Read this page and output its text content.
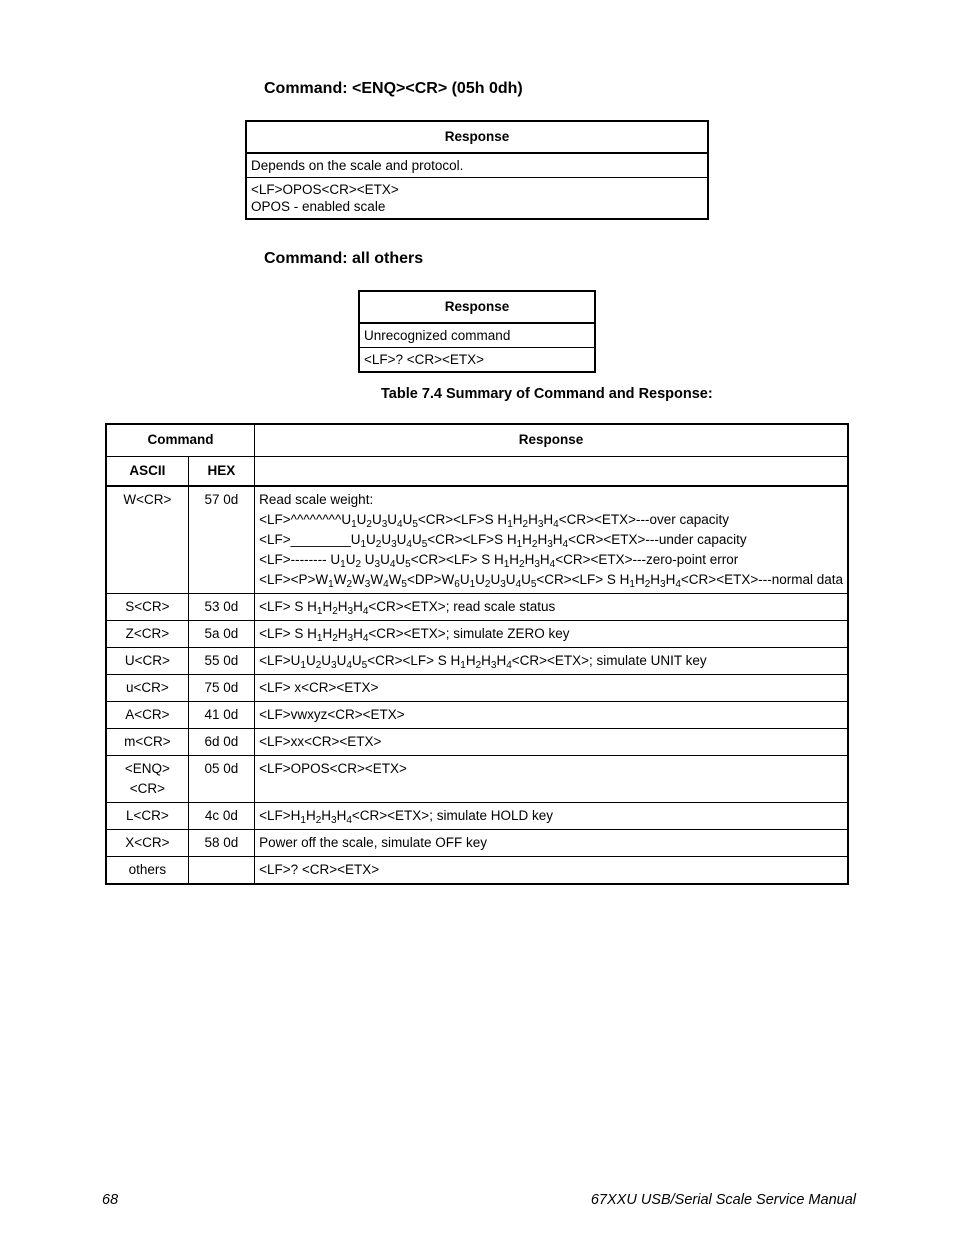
Command: <ENQ><CR> (05h 0dh)
Response
Depends on the scale and protocol.

<LF>OPOS<CR><ETX>
OPOS - enabled scale
Command: all others
Response
Unrecognized command
<LF>? <CR><ETX>

Table 7.4 Summary of Command and Response:

Command		Response
ASCII	HEX	
W<CR>	57 0d	Read scale weight:
$<LF>\^{}\^{}\^{}\^{}\^{}\^{}\^{}\^{}U_1U_2U_3U_4U_5<CR><LF>S$ $H_1H_2H_3H_4<CR><ETX>--$-over capacity
$<LF>\_\_\_\_\_\_\_\_U_1U_2U_3U_4U_5<CR><LF>S$ $H_1H_2H_3H_4<CR><ETX>--$-under capacity
<LF>-------- $U_1U_2$ $U_3U_4U_5<CR><LF> S$ $H_1H_2H_3H_4<CR><ETX>---zero$-point error
$<LF><P>W_1W_2W_3W_4W_5<DP>W_6U_1U_2U_3U_4U_5<CR><LF> S$ $H_1H_2H_3H_4<CR><ETX>--$-normal data

S<CR>	53 0d	<LF> S $H_1H_2H_3H_4<CR><ETX>$; read scale status

Z<CR>	5a 0d	<LF> S $H_1H_2H_3H_4<CR><ETX>$; simulate ZERO key

U<CR>	55 0d	$<LF>U_1U_2U_3U_4U_5<CR><LF> S$ $H_1H_2H_3H_4<CR><ETX>$; simulate UNIT key

u<CR>	75 0d	<LF> x<CR><ETX>

A<CR>	41 0d	<LF>vwxyz<CR><ETX>

m<CR>	6d 0d	<LF>xx<CR><ETX>

<ENQ><CR>	05 0d	<LF>OPOS<CR><ETX>

L<CR>	4c 0d	$<LF>H_1H_2H_3H_4<CR><ETX>$; simulate HOLD key

X<CR>	58 0d	Power off the scale, simulate OFF key

others		<LF>? <CR><ETX>

68	67XXU USB/Serial Scale Service Manual
